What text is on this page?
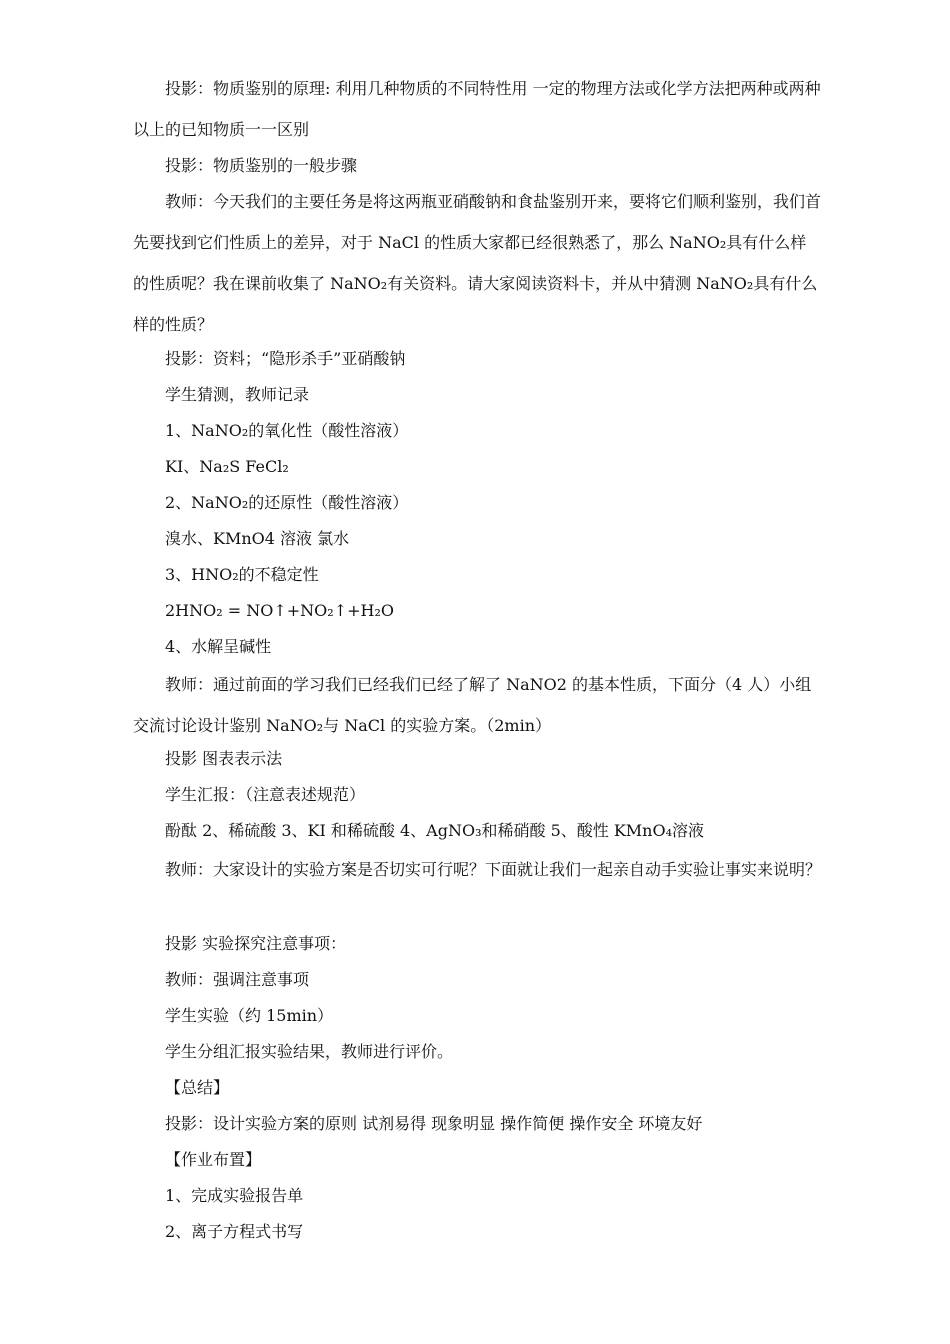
投影：物质鉴别的原理: 利用几种物质的不同特性用 一定的物理方法或化学方法把两种或两种以上的已知物质一一区别

投影：物质鉴别的一般步骤

教师：今天我们的主要任务是将这两瓶亚硝酸钠和食盐鉴别开来，要将它们顺利鉴别，我们首先要找到它们性质上的差异，对于 NaCl 的性质大家都已经很熟悉了，那么 NaNO₂具有什么样的性质呢？我在课前收集了 NaNO₂有关资料。请大家阅读资料卡，并从中猜测 NaNO₂具有什么样的性质？

投影：资料；“隐形杀手”亚硝酸钠

学生猜测，教师记录

1、NaNO₂的氧化性（酸性溶液）

KI、Na₂S FeCl₂

2、NaNO₂的还原性（酸性溶液）

溴水、KMnO4 溶液 氯水

3、HNO₂的不稳定性

2HNO₂ = NO↑+NO₂↑+H₂O

4、水解呈碱性

教师：通过前面的学习我们已经我们已经了解了 NaNO2 的基本性质，下面分（4 人）小组交流讨论设计鉴别 NaNO₂与 NaCl 的实验方案。（2min）

投影 图表表示法

学生汇报：（注意表述规范）

酚酞 2、稀硫酸 3、KI 和稀硫酸 4、AgNO₃和稀硝酸 5、酸性 KMnO₄溶液

教师：大家设计的实验方案是否切实可行呢？下面就让我们一起亲自动手实验让事实来说明？

投影 实验探究注意事项：

教师：强调注意事项

学生实验（约 15min）

学生分组汇报实验结果，教师进行评价。

【总结】

投影：设计实验方案的原则 试剂易得 现象明显 操作简便 操作安全 环境友好

【作业布置】

1、完成实验报告单

2、离子方程式书写
